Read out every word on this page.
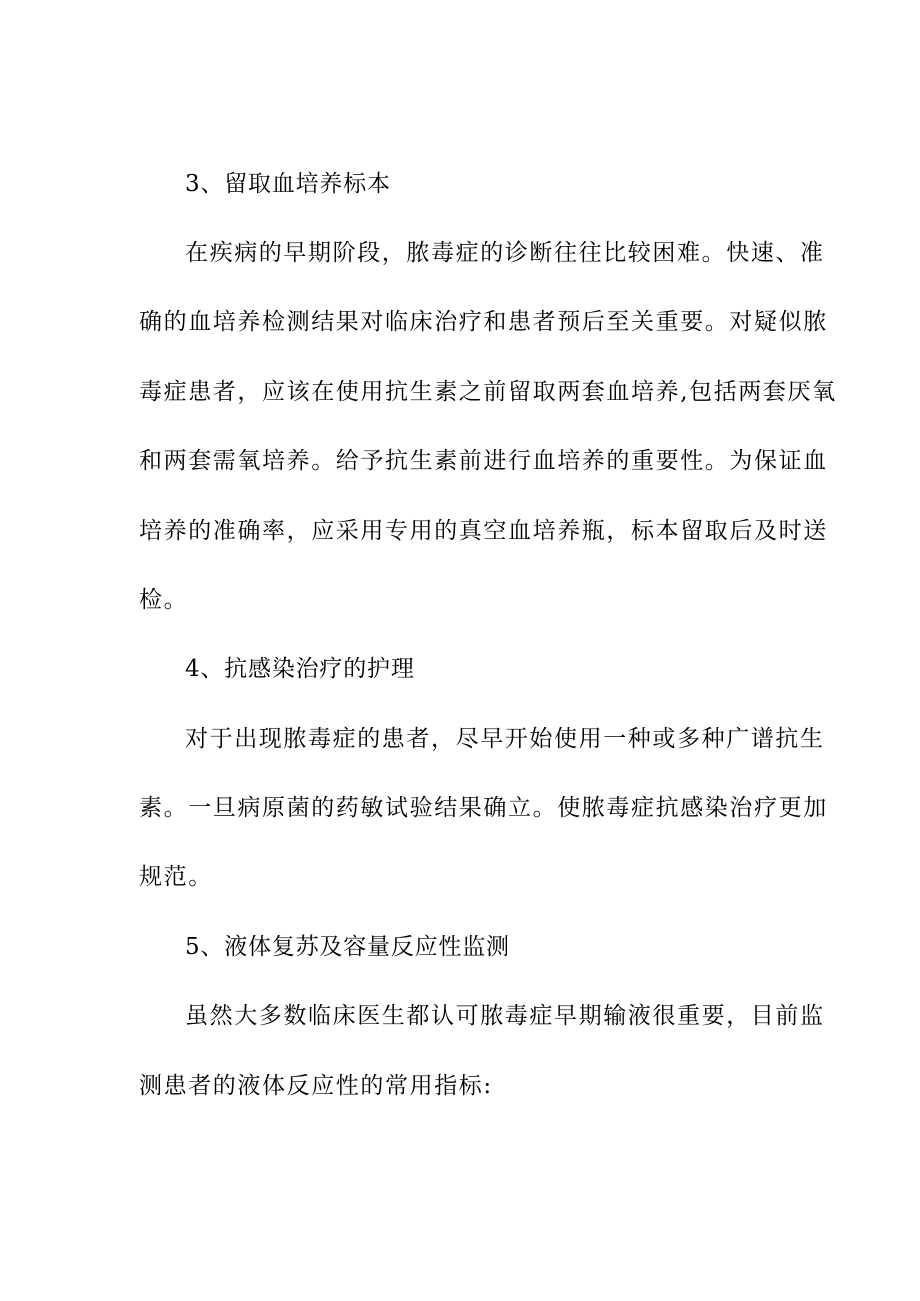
3、留取血培养标本
在疾病的早期阶段，脓毒症的诊断往往比较困难。快速、准
确的血培养检测结果对临床治疗和患者预后至关重要。对疑似脓
毒症患者，应该在使用抗生素之前留取两套血培养,包括两套厌氧
和两套需氧培养。给予抗生素前进行血培养的重要性。为保证血
培养的准确率，应采用专用的真空血培养瓶，标本留取后及时送
检。
4、抗感染治疗的护理
对于出现脓毒症的患者，尽早开始使用一种或多种广谱抗生
素。一旦病原菌的药敏试验结果确立。使脓毒症抗感染治疗更加
规范。
5、液体复苏及容量反应性监测
虽然大多数临床医生都认可脓毒症早期输液很重要，目前监
测患者的液体反应性的常用指标:
